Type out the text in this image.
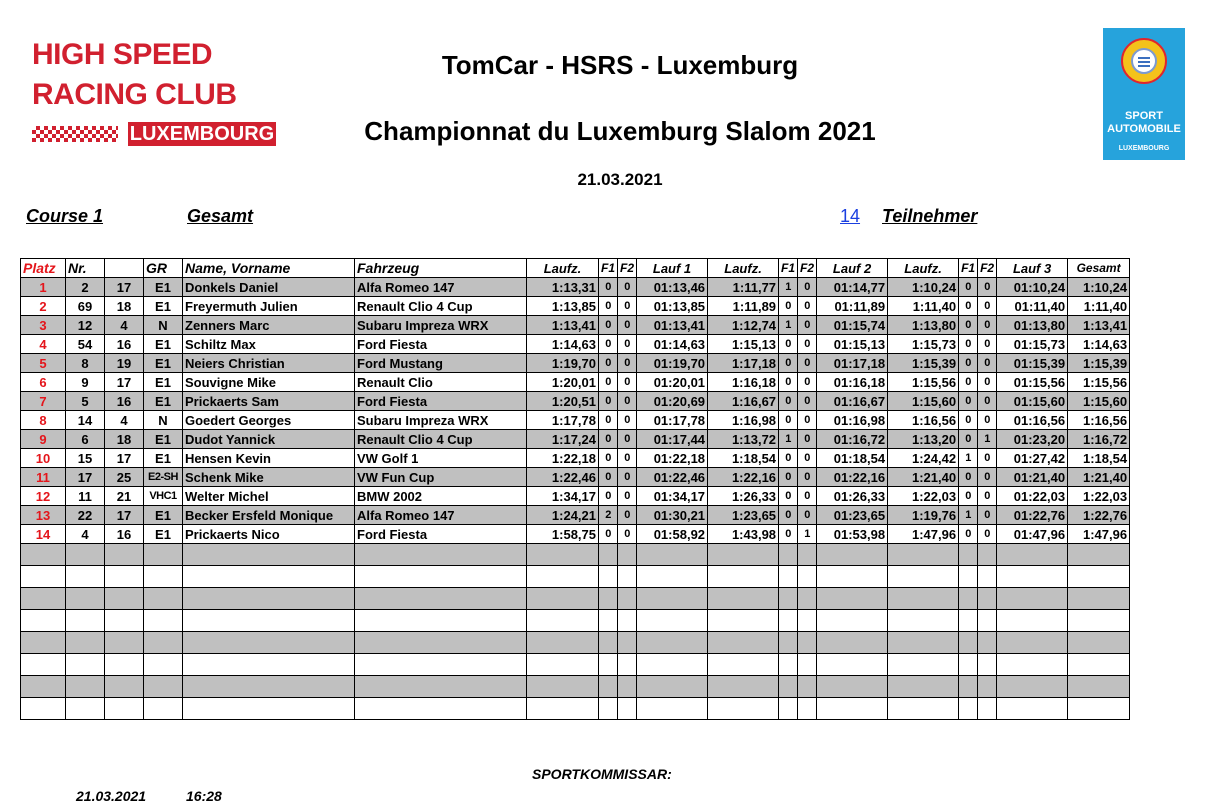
HIGH SPEED
RACING CLUB
LUXEMBOURG
TomCar - HSRS - Luxemburg
Championnat du Luxemburg Slalom 2021
21.03.2021
SPORT
AUTOMOBILE
LUXEMBOURG
Course 1	Gesamt	14 Teilnehmer
Platz	Nr.		GR	Name, Vorname	Fahrzeug	Laufz.	F1	F2	Lauf 1	Laufz.	F1	F2	Lauf 2	Laufz.	F1	F2	Lauf 3	Gesamt
1	2	17	E1	Donkels Daniel	Alfa Romeo 147	1:13,31	0	0	01:13,46	1:11,77	1	0	01:14,77	1:10,24	0	0	01:10,24	1:10,24
2	69	18	E1	Freyermuth Julien	Renault Clio 4 Cup	1:13,85	0	0	01:13,85	1:11,89	0	0	01:11,89	1:11,40	0	0	01:11,40	1:11,40
3	12	4	N	Zenners Marc	Subaru Impreza WRX	1:13,41	0	0	01:13,41	1:12,74	1	0	01:15,74	1:13,80	0	0	01:13,80	1:13,41
4	54	16	E1	Schiltz Max	Ford Fiesta	1:14,63	0	0	01:14,63	1:15,13	0	0	01:15,13	1:15,73	0	0	01:15,73	1:14,63
5	8	19	E1	Neiers Christian	Ford Mustang	1:19,70	0	0	01:19,70	1:17,18	0	0	01:17,18	1:15,39	0	0	01:15,39	1:15,39
6	9	17	E1	Souvigne Mike	Renault Clio	1:20,01	0	0	01:20,01	1:16,18	0	0	01:16,18	1:15,56	0	0	01:15,56	1:15,56
7	5	16	E1	Prickaerts Sam	Ford Fiesta	1:20,51	0	0	01:20,69	1:16,67	0	0	01:16,67	1:15,60	0	0	01:15,60	1:15,60
8	14	4	N	Goedert Georges	Subaru Impreza WRX	1:17,78	0	0	01:17,78	1:16,98	0	0	01:16,98	1:16,56	0	0	01:16,56	1:16,56
9	6	18	E1	Dudot Yannick	Renault Clio 4 Cup	1:17,24	0	0	01:17,44	1:13,72	1	0	01:16,72	1:13,20	0	1	01:23,20	1:16,72
10	15	17	E1	Hensen Kevin	VW Golf 1	1:22,18	0	0	01:22,18	1:18,54	0	0	01:18,54	1:24,42	1	0	01:27,42	1:18,54
11	17	25	E2-SH	Schenk Mike	VW Fun Cup	1:22,46	0	0	01:22,46	1:22,16	0	0	01:22,16	1:21,40	0	0	01:21,40	1:21,40
12	11	21	VHC1	Welter Michel	BMW 2002	1:34,17	0	0	01:34,17	1:26,33	0	0	01:26,33	1:22,03	0	0	01:22,03	1:22,03
13	22	17	E1	Becker Ersfeld Monique	Alfa Romeo 147	1:24,21	2	0	01:30,21	1:23,65	0	0	01:23,65	1:19,76	1	0	01:22,76	1:22,76
14	4	16	E1	Prickaerts Nico	Ford Fiesta	1:58,75	0	0	01:58,92	1:43,98	0	1	01:53,98	1:47,96	0	0	01:47,96	1:47,96

SPORTKOMMISSAR:
21.03.2021	16:28
